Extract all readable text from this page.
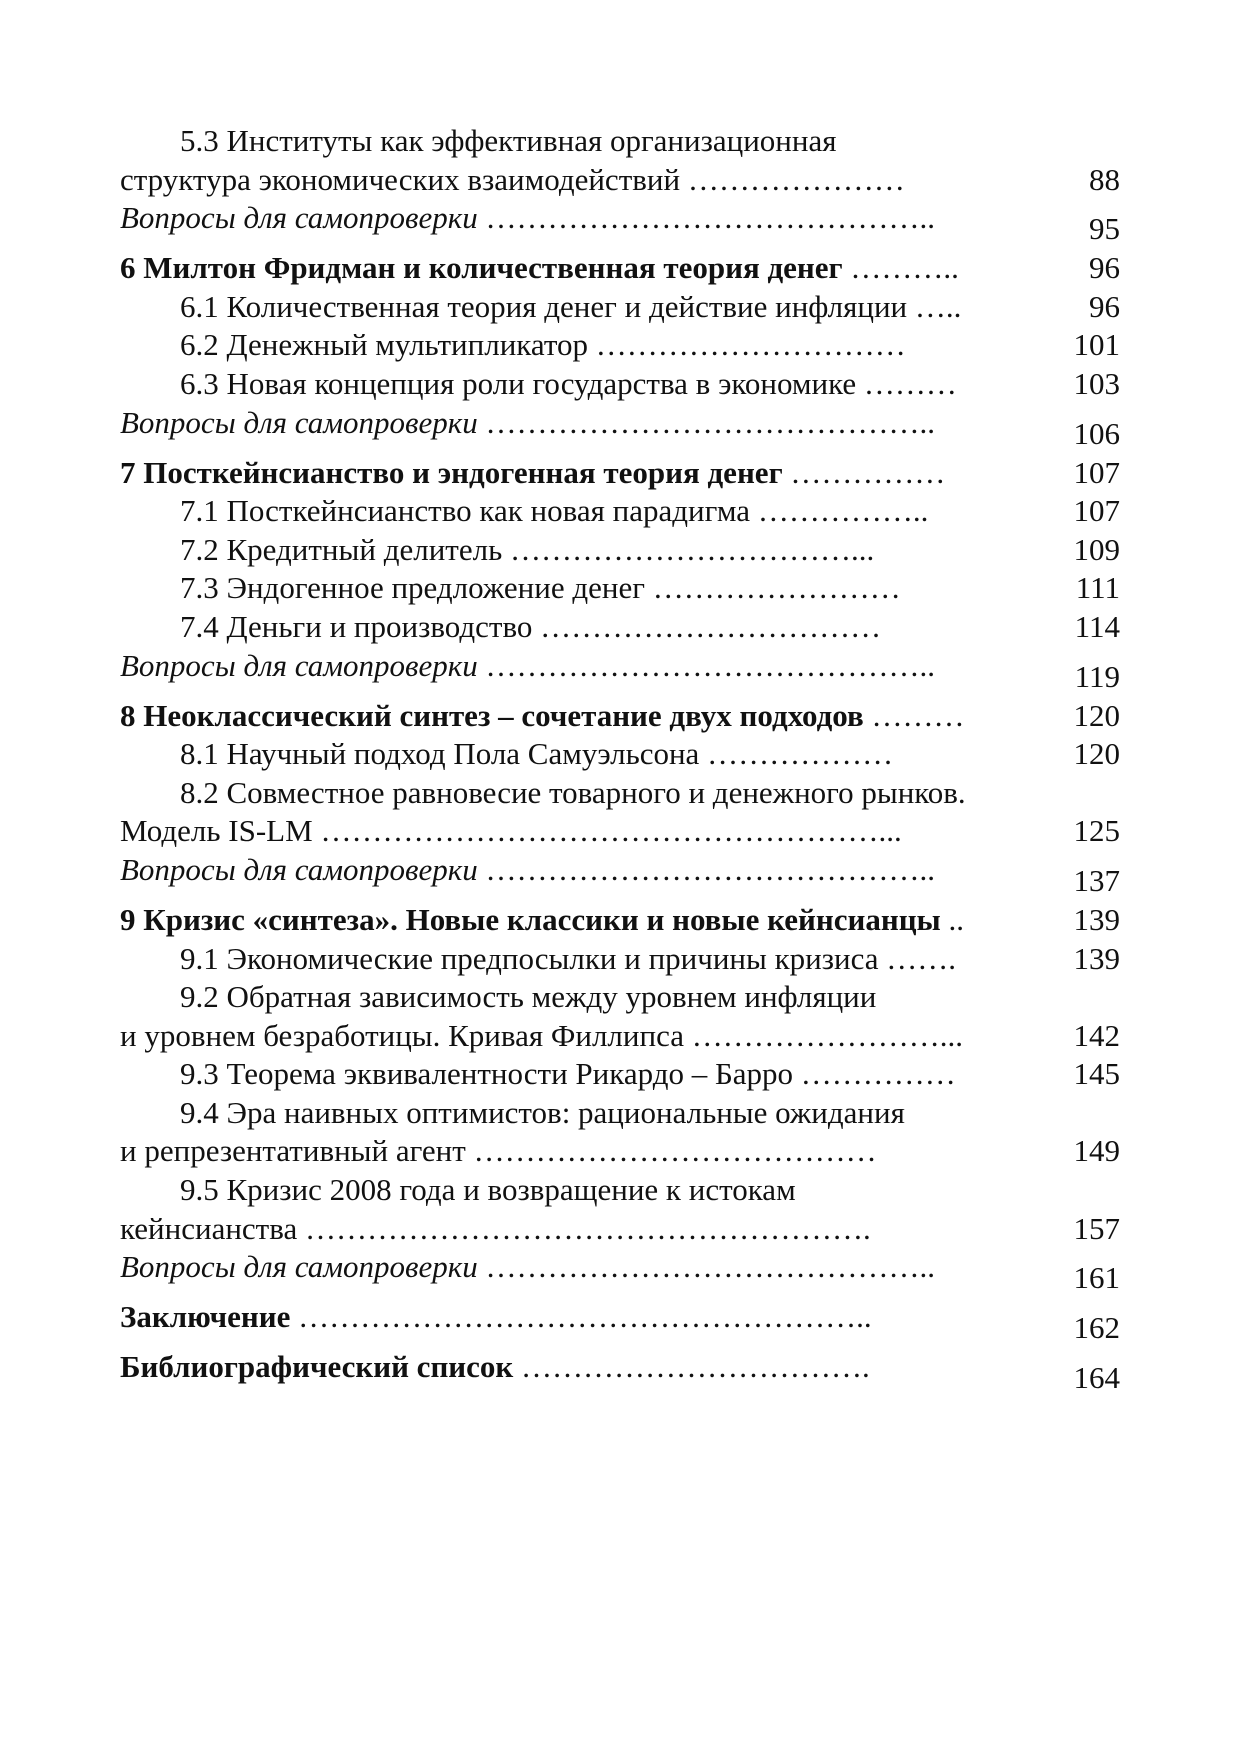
5.3 Институты как эффективная организационная
структура экономических взаимодействий …………………	88
Вопросы для самопроверки ……………………………………..	95
6 Милтон Фридман и количественная теория денег ………..	96
6.1 Количественная теория денег и действие инфляции …..	96
6.2 Денежный мультипликатор …………………………	101
6.3 Новая концепция роли государства в экономике ………	103
Вопросы для самопроверки ……………………………………..	106
7 Посткейнсианство и эндогенная теория денег ……………	107
7.1 Посткейнсианство как новая парадигма ……………..	107
7.2 Кредитный делитель ……………………………...	109
7.3 Эндогенное предложение денег ……………………	111
7.4 Деньги и производство ……………………………	114
Вопросы для самопроверки ……………………………………..	119
8 Неоклассический синтез – сочетание двух подходов ………	120
8.1 Научный подход Пола Самуэльсона ………………	120
8.2 Совместное равновесие товарного и денежного рынков.
Модель IS-LM ………………………………………………...	125
Вопросы для самопроверки ……………………………………..	137
9 Кризис «синтеза». Новые классики и новые кейнсианцы ..	139
9.1 Экономические предпосылки и причины кризиса …….	139
9.2 Обратная зависимость между уровнем инфляции
и уровнем безработицы. Кривая Филлипса ……………………...	142
9.3 Теорема эквивалентности Рикардо – Барро ……………	145
9.4 Эра наивных оптимистов: рациональные ожидания
и репрезентативный агент …………………………………	149
9.5 Кризис 2008 года и возвращение к истокам
кейнсианства ……………………………………………….	157
Вопросы для самопроверки ……………………………………..	161
Заключение ………………………………………………..	162
Библиографический список …………………………….	164
